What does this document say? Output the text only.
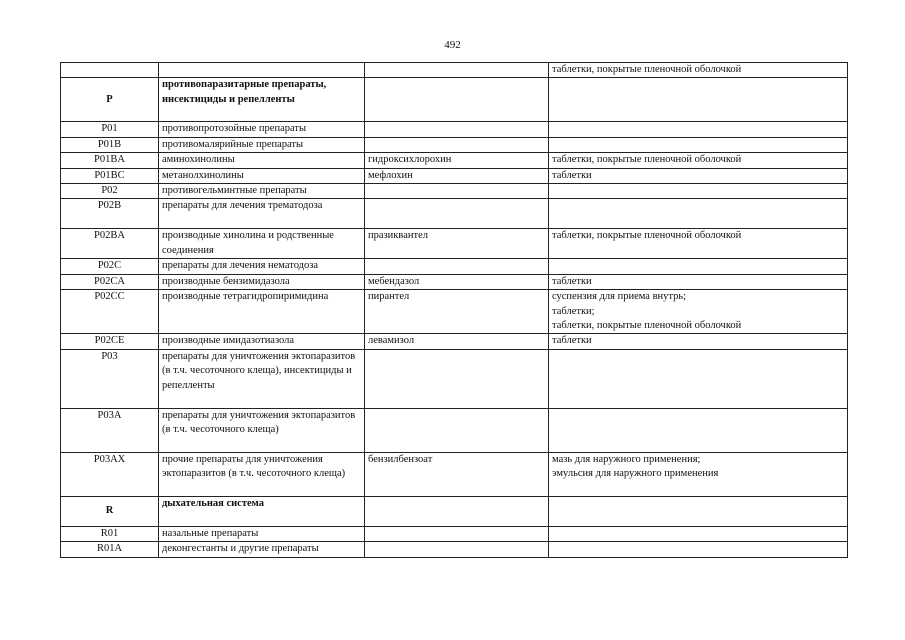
492
			таблетки, покрытые пленочной оболочкой
P	противопаразитарные препараты, инсектициды и репелленты		
P01	противопротозойные препараты		
P01B	противомалярийные препараты		
P01BA	аминохинолины	гидроксихлорохин	таблетки, покрытые пленочной оболочкой
P01BC	метанолхинолины	мефлохин	таблетки
P02	противогельминтные препараты		
P02B	препараты для лечения трематодоза		
P02BA	производные хинолина и родственные соединения	празиквантел	таблетки, покрытые пленочной оболочкой
P02C	препараты для лечения нематодоза		
P02CA	производные бензимидазола	мебендазол	таблетки
P02CC	производные тетрагидропиримидина	пирантел	суспензия для приема внутрь;
таблетки;
таблетки, покрытые пленочной оболочкой
P02CE	производные имидазотиазола	левамизол	таблетки
P03	препараты для уничтожения эктопаразитов (в т.ч. чесоточного клеща), инсектициды и репелленты		
P03A	препараты для уничтожения эктопаразитов (в т.ч. чесоточного клеща)		
P03AX	прочие препараты для уничтожения эктопаразитов (в т.ч. чесоточного клеща)	бензилбензоат	мазь для наружного применения;
эмульсия для наружного применения
R	дыхательная система		
R01	назальные препараты		
R01A	деконгестанты и другие препараты		
